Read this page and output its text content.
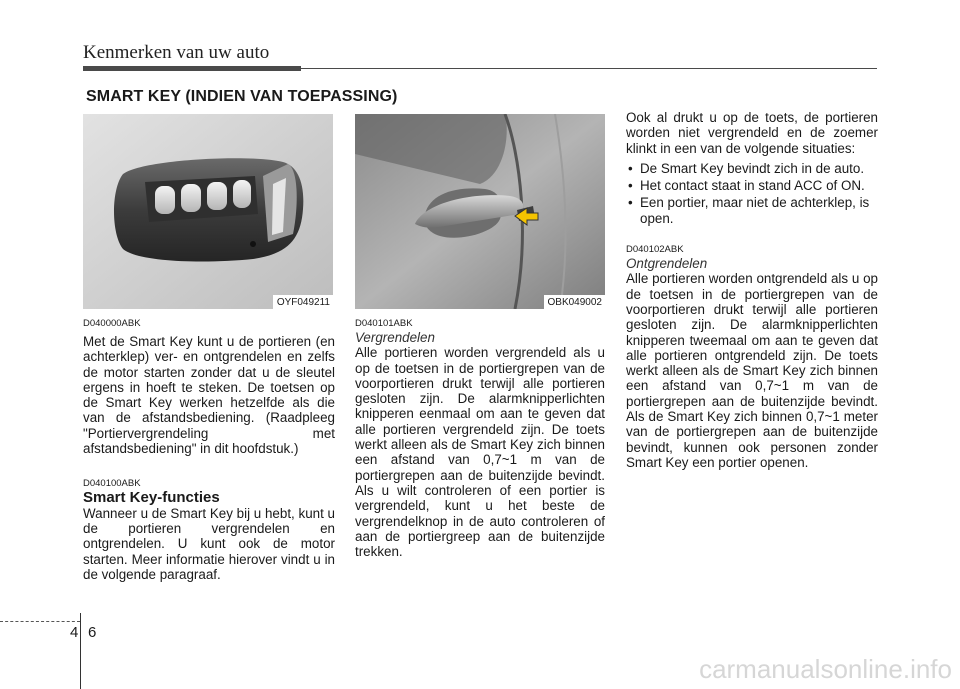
Kenmerken van uw auto
SMART KEY (INDIEN VAN TOEPASSING)
OYF049211	OBK049002

D040000ABK

Met de Smart Key kunt u de portieren (en achterklep) ver- en ontgrendelen en zelfs de motor starten zonder dat u de sleutel ergens in hoeft te steken. De toetsen op de Smart Key werken hetzelfde als die van de afstandsbediening. (Raadpleeg "Portiervergrendeling met afstandsbediening" in dit hoofdstuk.)

D040100ABK

Smart Key-functies

Wanneer u de Smart Key bij u hebt, kunt u de portieren vergrendelen en ontgrendelen. U kunt ook de motor starten. Meer informatie hierover vindt u in de volgende paragraaf.

D040101ABK

Vergrendelen

Alle portieren worden vergrendeld als u op de toetsen in de portiergrepen van de voorportieren drukt terwijl alle portieren gesloten zijn. De alarmknipperlichten knipperen eenmaal om aan te geven dat alle portieren vergrendeld zijn. De toets werkt alleen als de Smart Key zich binnen een afstand van 0,7~1 m van de portiergrepen aan de buitenzijde bevindt. Als u wilt controleren of een portier is vergrendeld, kunt u het beste de vergrendelknop in de auto controleren of aan de portiergreep aan de buitenzijde trekken.

Ook al drukt u op de toets, de portieren worden niet vergrendeld en de zoemer klinkt in een van de volgende situaties:

• De Smart Key bevindt zich in de auto.
• Het contact staat in stand ACC of ON.
• Een portier, maar niet de achterklep, is open.

D040102ABK

Ontgrendelen

Alle portieren worden ontgrendeld als u op de toetsen in de portiergrepen van de voorportieren drukt terwijl alle portieren gesloten zijn. De alarmknipperlichten knipperen tweemaal om aan te geven dat alle portieren ontgrendeld zijn. De toets werkt alleen als de Smart Key zich binnen een afstand van 0,7~1 m van de portiergrepen aan de buitenzijde bevindt. Als de Smart Key zich binnen 0,7~1 meter van de portiergrepen aan de buitenzijde bevindt, kunnen ook personen zonder Smart Key een portier openen.

4 6
carmanualsonline.info
